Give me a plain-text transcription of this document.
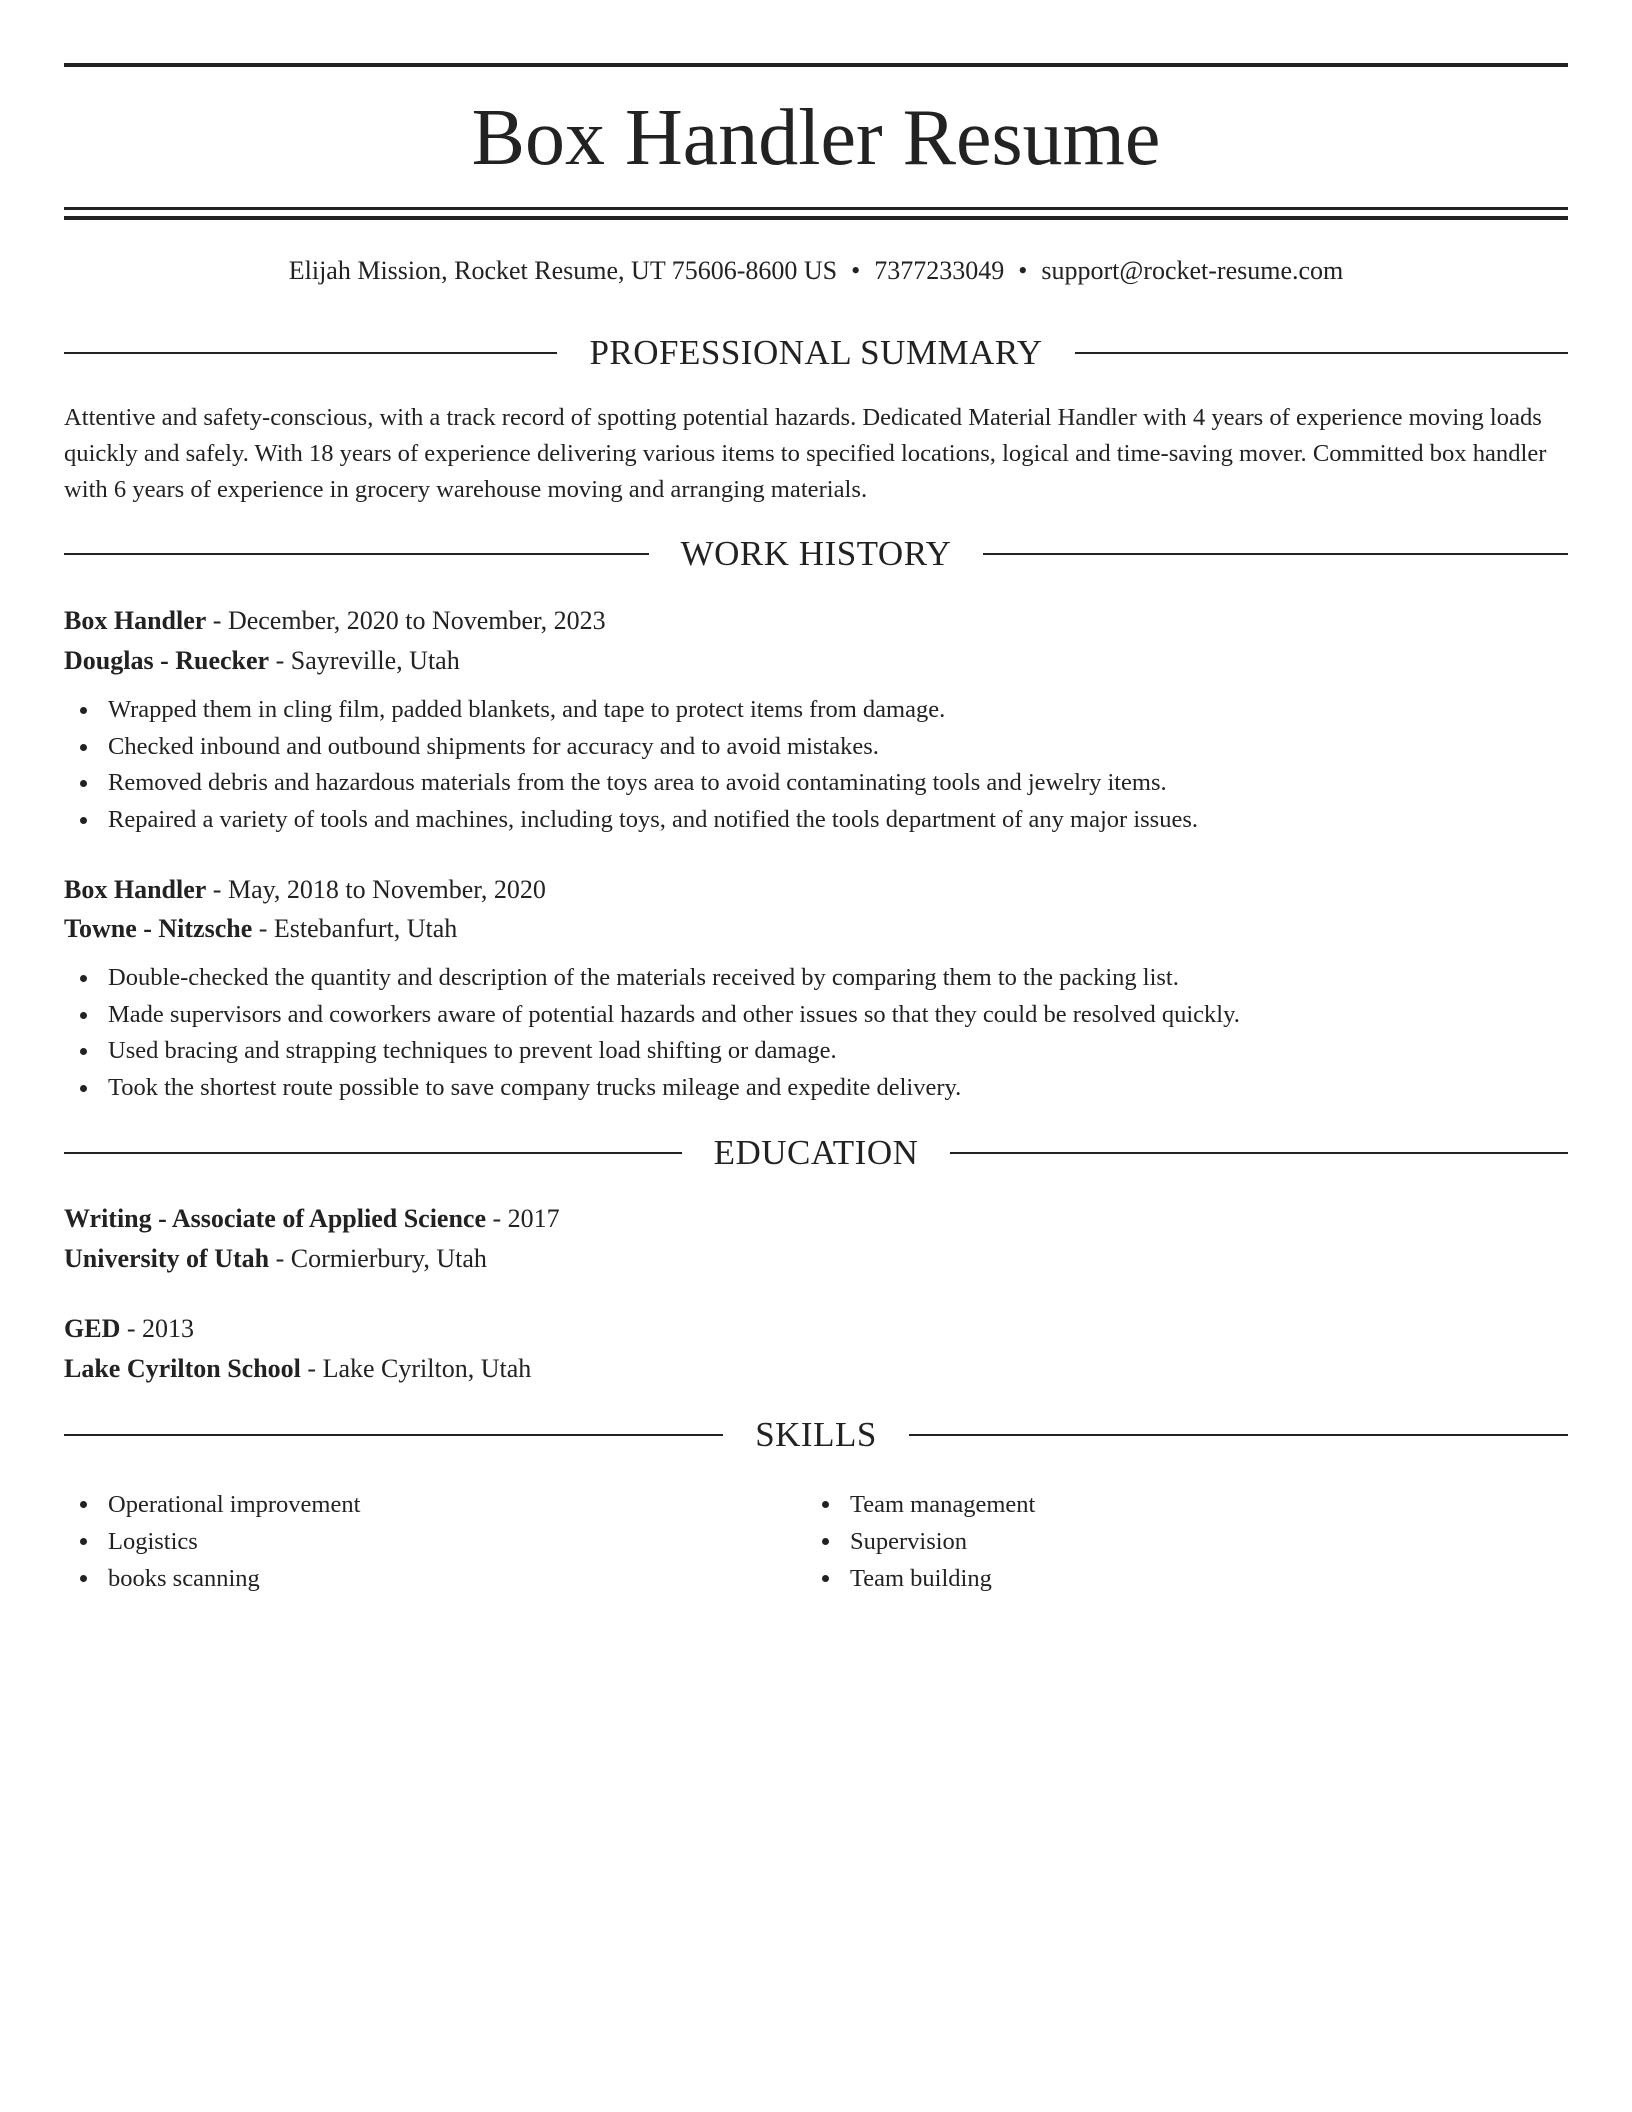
Box Handler Resume
Elijah Mission, Rocket Resume, UT 75606-8600 US • 7377233049 • support@rocket-resume.com
PROFESSIONAL SUMMARY

Attentive and safety-conscious, with a track record of spotting potential hazards. Dedicated Material Handler with 4 years of experience moving loads quickly and safely. With 18 years of experience delivering various items to specified locations, logical and time-saving mover. Committed box handler with 6 years of experience in grocery warehouse moving and arranging materials.

WORK HISTORY
Box Handler - December, 2020 to November, 2023
Douglas - Ruecker - Sayreville, Utah
Wrapped them in cling film, padded blankets, and tape to protect items from damage.
Checked inbound and outbound shipments for accuracy and to avoid mistakes.
Removed debris and hazardous materials from the toys area to avoid contaminating tools and jewelry items.
Repaired a variety of tools and machines, including toys, and notified the tools department of any major issues.
Box Handler - May, 2018 to November, 2020
Towne - Nitzsche - Estebanfurt, Utah
Double-checked the quantity and description of the materials received by comparing them to the packing list.
Made supervisors and coworkers aware of potential hazards and other issues so that they could be resolved quickly.
Used bracing and strapping techniques to prevent load shifting or damage.
Took the shortest route possible to save company trucks mileage and expedite delivery.
EDUCATION
Writing - Associate of Applied Science - 2017
University of Utah - Cormierbury, Utah
GED - 2013
Lake Cyrilton School - Lake Cyrilton, Utah
SKILLS
Operational improvement
Logistics
books scanning
Team management
Supervision
Team building
